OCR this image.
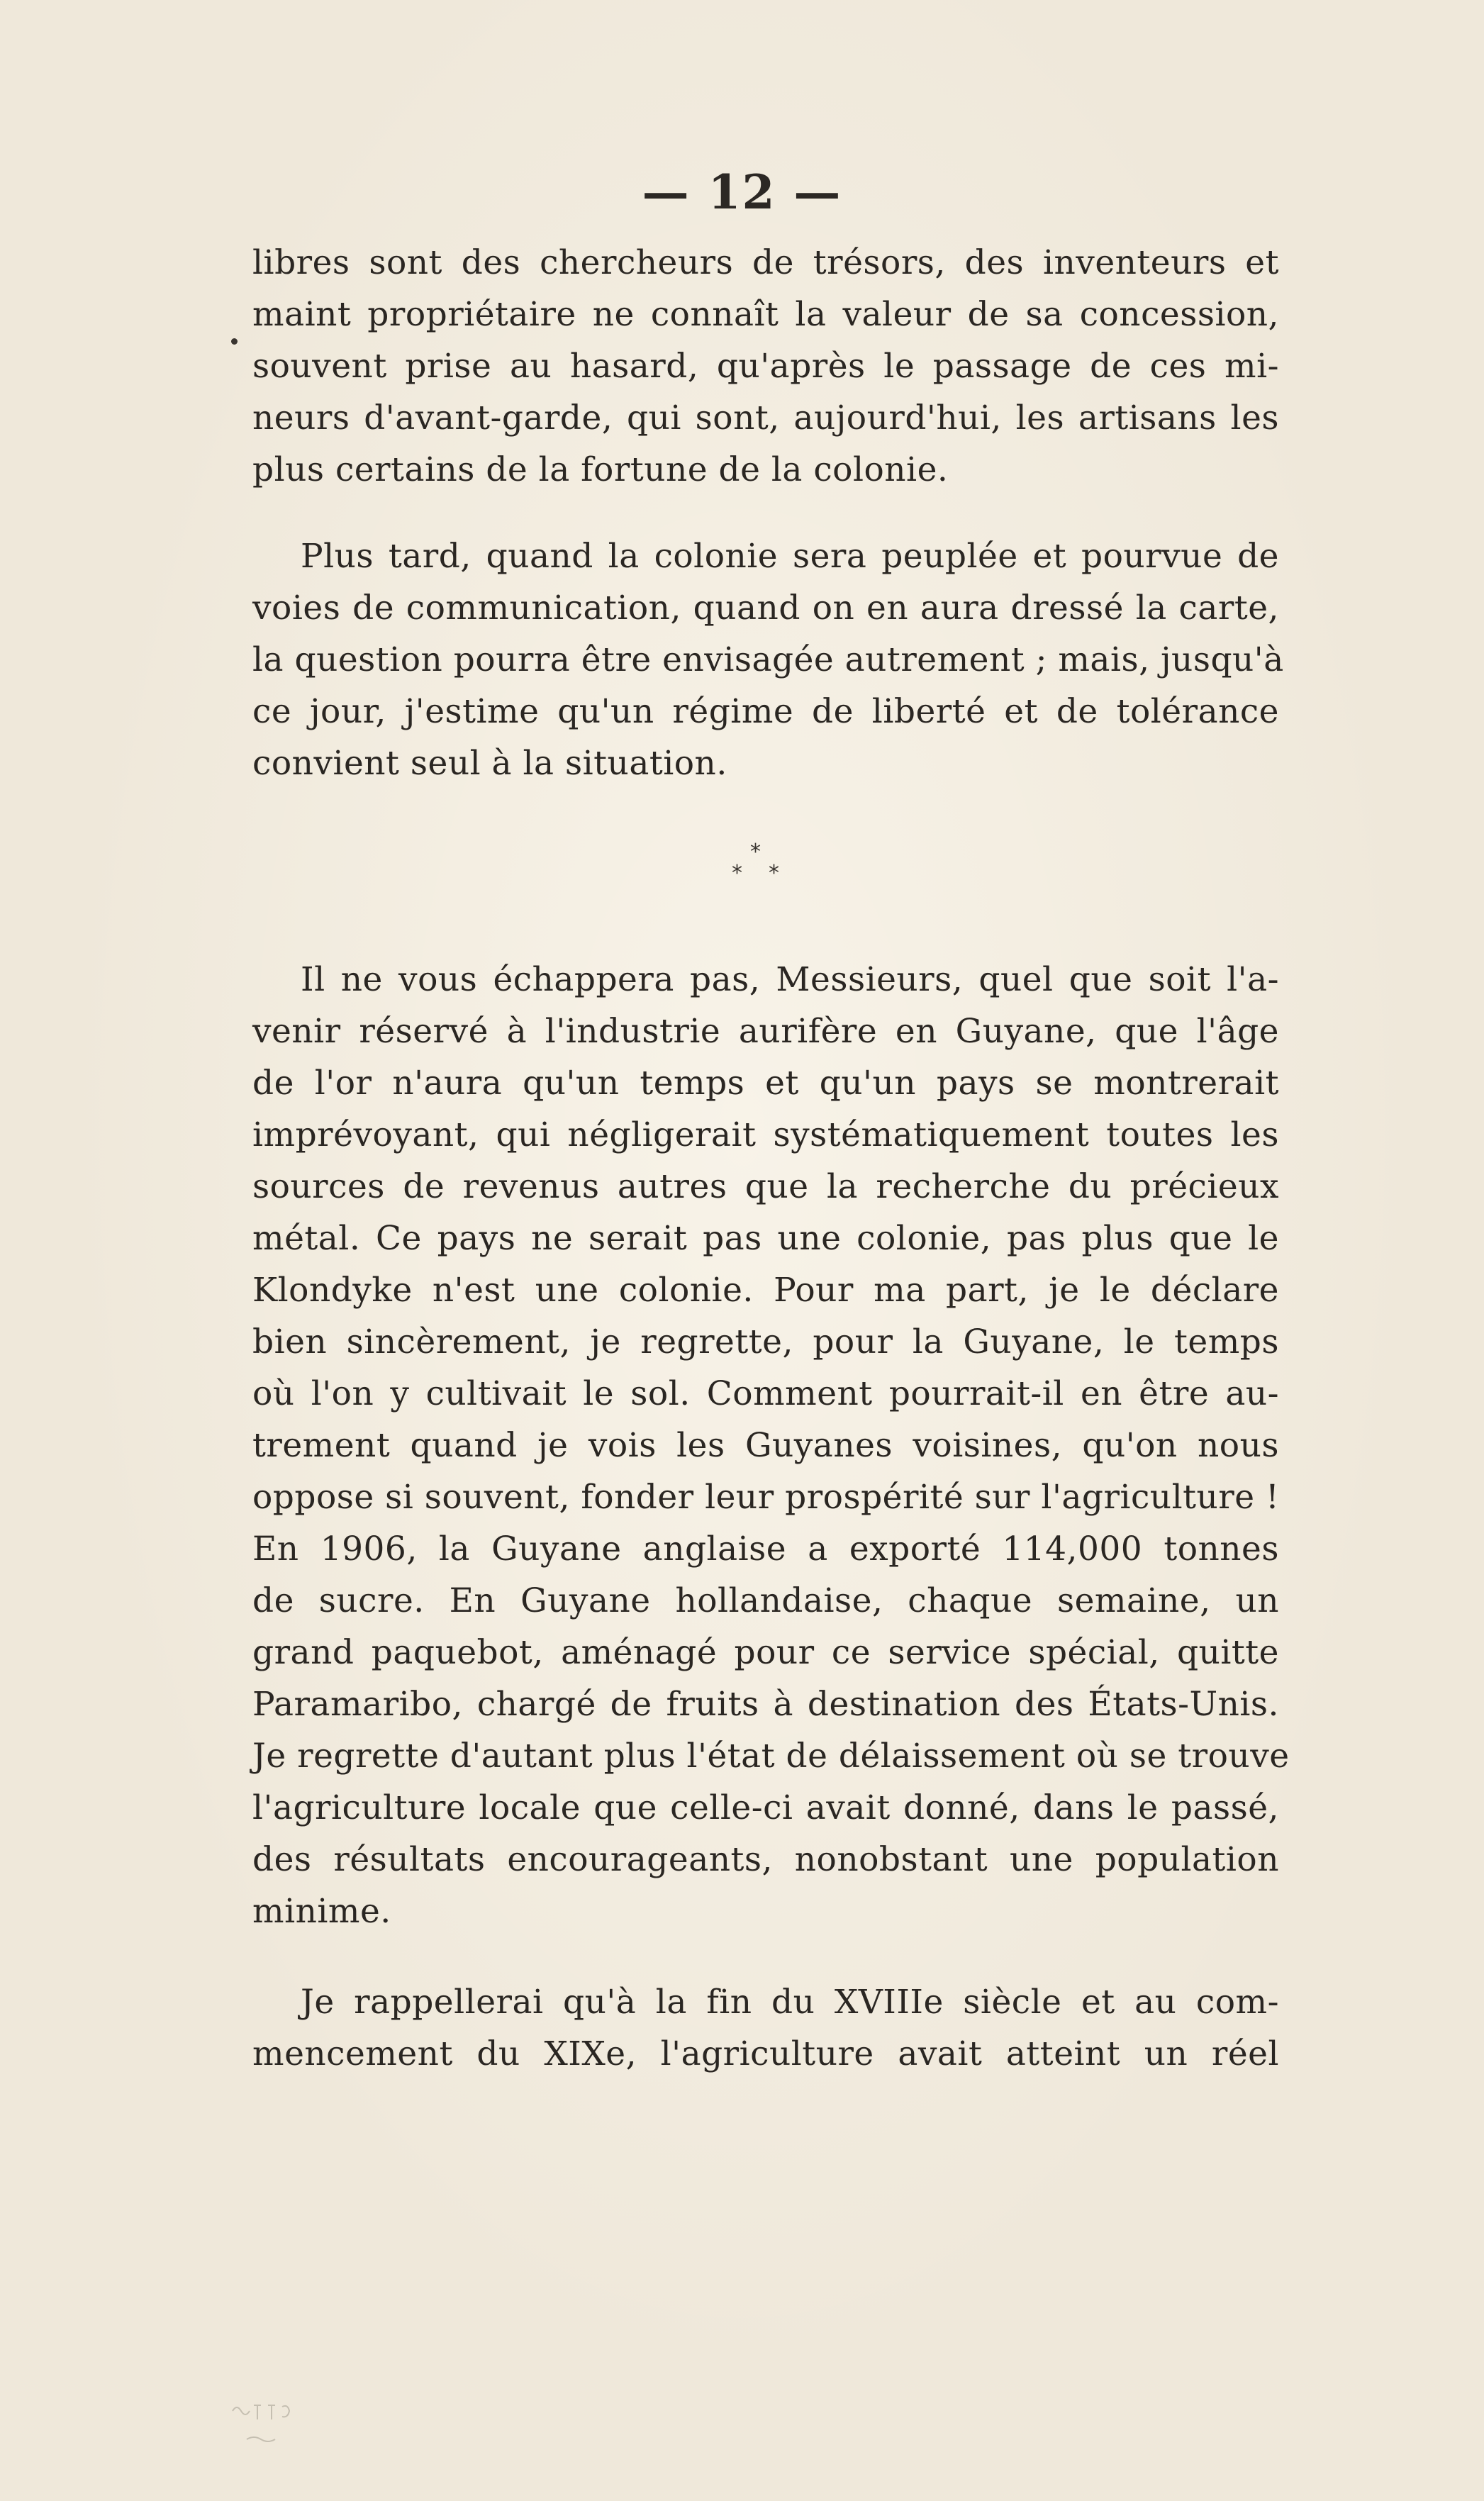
— 12 —
libres sont des chercheurs de trésors, des inventeurs et
maint propriétaire ne connaît la valeur de sa concession,
souvent prise au hasard, qu'après le passage de ces mi-
neurs d'avant-garde, qui sont, aujourd'hui, les artisans les
plus certains de la fortune de la colonie.
Plus tard, quand la colonie sera peuplée et pourvue de
voies de communication, quand on en aura dressé la carte,
la question pourra être envisagée autrement ; mais, jusqu'à
ce jour, j'estime qu'un régime de liberté et de tolérance
convient seul à la situation.
*
* *
Il ne vous échappera pas, Messieurs, quel que soit l'a-
venir réservé à l'industrie aurifère en Guyane, que l'âge
de l'or n'aura qu'un temps et qu'un pays se montrerait
imprévoyant, qui négligerait systématiquement toutes les
sources de revenus autres que la recherche du précieux
métal. Ce pays ne serait pas une colonie, pas plus que le
Klondyke n'est une colonie. Pour ma part, je le déclare
bien sincèrement, je regrette, pour la Guyane, le temps
où l'on y cultivait le sol. Comment pourrait-il en être au-
trement quand je vois les Guyanes voisines, qu'on nous
oppose si souvent, fonder leur prospérité sur l'agriculture !
En 1906, la Guyane anglaise a exporté 114,000 tonnes
de sucre. En Guyane hollandaise, chaque semaine, un
grand paquebot, aménagé pour ce service spécial, quitte
Paramaribo, chargé de fruits à destination des États-Unis.
Je regrette d'autant plus l'état de délaissement où se trouve
l'agriculture locale que celle-ci avait donné, dans le passé,
des résultats encourageants, nonobstant une population
minime.
Je rappellerai qu'à la fin du XVIIIe siècle et au com-
mencement du XIXe, l'agriculture avait atteint un réel
